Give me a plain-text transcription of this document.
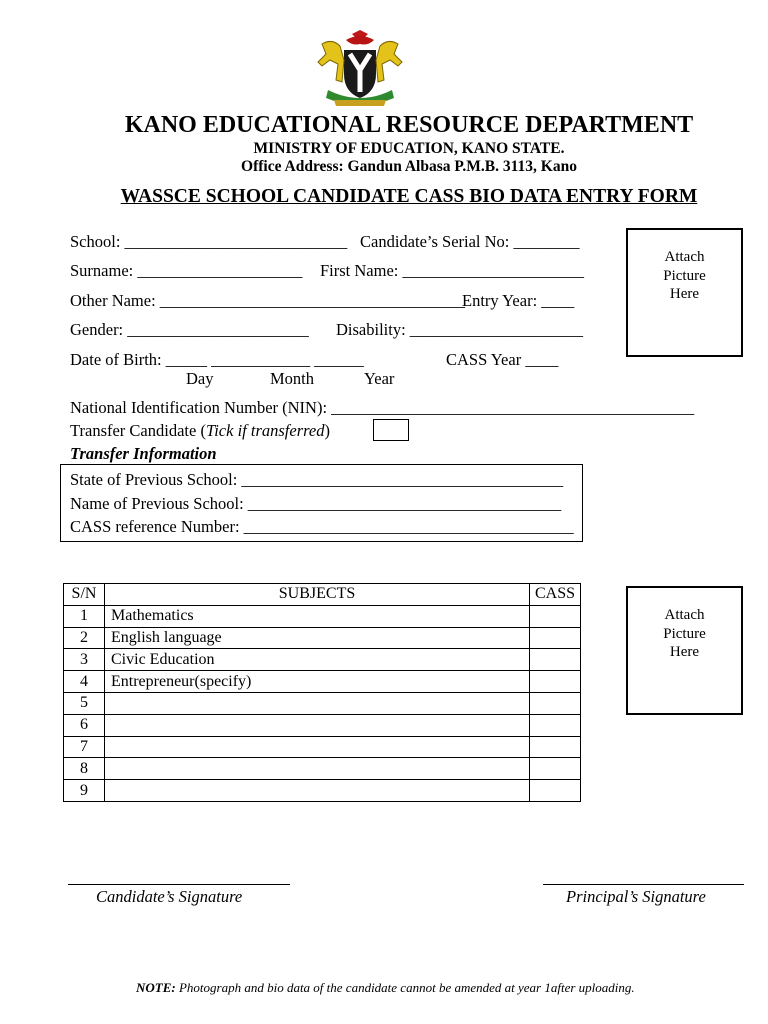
KANO EDUCATIONAL RESOURCE DEPARTMENT
MINISTRY OF EDUCATION, KANO STATE.
Office Address: Gandun Albasa P.M.B. 3113, Kano
WASSCE SCHOOL CANDIDATE CASS BIO DATA ENTRY FORM
School: ___________________________ Candidate’s Serial No: ________
Surname: ____________________ First Name: ______________________
Other Name: _____________________________________
Entry Year: ____
Gender: ______________________ Disability: _____________________
Date of Birth: _____ ____________ ______	CASS Year ____
Day	Month	Year
National Identification Number (NIN): ____________________________________________
Transfer Candidate (Tick if transferred)
Transfer Information
State of Previous School: _______________________________________
Name of Previous School: ______________________________________
CASS reference Number: ________________________________________
Attach
Picture
Here
Attach
Picture
Here
S/N	SUBJECTS	CASS
1	Mathematics	
2	English language	
3	Civic Education	
4	Entrepreneur(specify)	
5		
6		
7		
8		
9		
Candidate’s Signature	Principal’s Signature
NOTE: Photograph and bio data of the candidate cannot be amended at year 1after uploading.
